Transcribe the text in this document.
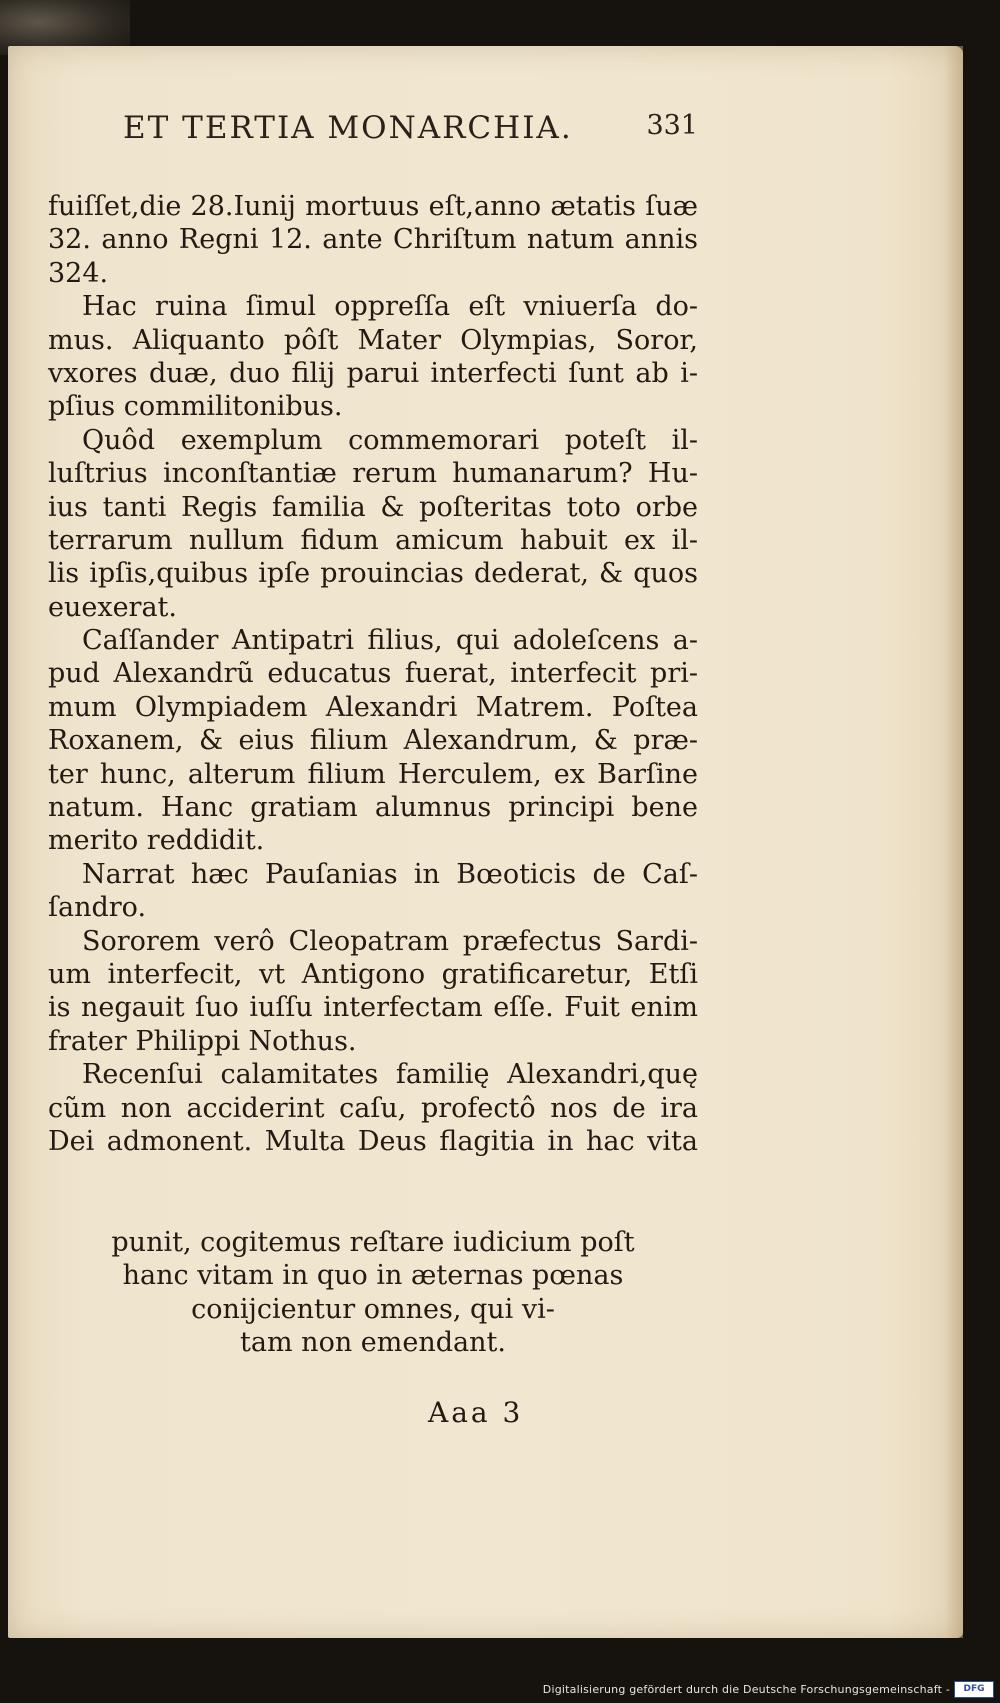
ET TERTIA MONARCHIA.	331
fuiſſet,die 28.Iunij mortuus eſt,anno ætatis ſuæ
32. anno Regni 12. ante Chriſtum natum annis
324.
Hac ruina ſimul oppreſſa eſt vniuerſa do-
mus. Aliquanto pôſt Mater Olympias, Soror,
vxores duæ, duo filij parui interfecti ſunt ab i-
pſius commilitonibus.
Quôd exemplum commemorari poteſt il-
luſtrius inconſtantiæ rerum humanarum? Hu-
ius tanti Regis familia & poſteritas toto orbe
terrarum nullum fidum amicum habuit ex il-
lis ipſis,quibus ipſe prouincias dederat, & quos
euexerat.
Caſſander Antipatri filius, qui adoleſcens a-
pud Alexandrũ educatus fuerat, interfecit pri-
mum Olympiadem Alexandri Matrem. Poſtea
Roxanem, & eius filium Alexandrum, & præ-
ter hunc, alterum filium Herculem, ex Barſine
natum. Hanc gratiam alumnus principi bene
merito reddidit.
Narrat hæc Pauſanias in Bœoticis de Caſ-
ſandro.
Sororem verô Cleopatram præfectus Sardi-
um interfecit, vt Antigono gratificaretur, Etſi
is negauit ſuo iuſſu interfectam eſſe. Fuit enim
frater Philippi Nothus.
Recenſui calamitates familię Alexandri,quę
cũm non acciderint caſu, profectô nos de ira
Dei admonent. Multa Deus flagitia in hac vita
punit, cogitemus reſtare iudicium poſt
hanc vitam in quo in æternas pœnas
conijcientur omnes, qui vi-
tam non emendant.
Aaa 3
Digitalisierung gefördert durch die Deutsche Forschungsgemeinschaft -	DFG
